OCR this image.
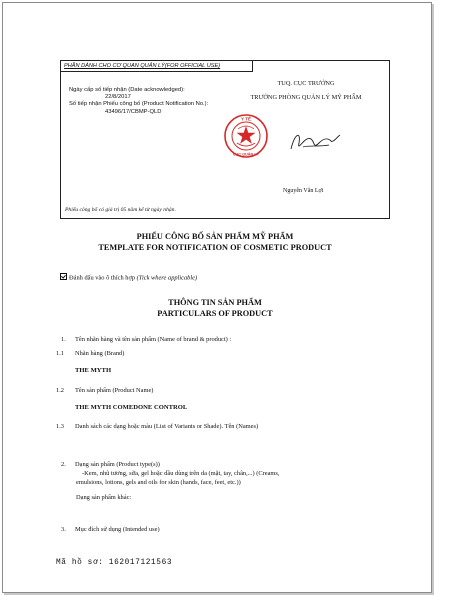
PHẦN DÀNH CHO CƠ QUAN QUẢN LÝ(FOR OFFICIAL USE)
Ngày cấp số tiếp nhận (Date acknowledged):
22/8/2017
Số tiếp nhận Phiếu công bố (Product Notification No.):
43496/17/CBMP-QLD
TUQ. CỤC TRƯỞNG
TRƯỞNG PHÒNG QUẢN LÝ MỸ PHẨM
Nguyễn Văn Lợi
Phiếu công bố có giá trị 05 năm kể từ ngày nhận.
Y TẾ
CỤC QUẢN LÝ
PHIẾU CÔNG BỐ SẢN PHẨM MỸ PHẨM
TEMPLATE FOR NOTIFICATION OF COSMETIC PRODUCT
Đánh dấu vào ô thích hợp (Tick where applicable)
THÔNG TIN SẢN PHẨM
PARTICULARS OF PRODUCT
1. Tên nhãn hàng và tên sản phẩm (Name of brand & product) :
1.1 Nhãn hàng (Brand)
THE MYTH
1.2 Tên sản phẩm (Product Name)
THE MYTH COMEDONE CONTROL
1.3 Danh sách các dạng hoặc màu (List of Variants or Shade). Tên (Names)
2. Dạng sản phẩm (Product type(s))
-Kem, nhũ tương, sữa, gel hoặc dầu dùng trên da (mặt, tay, chân,...) (Creams,
emulsions, lotions, gels and oils for skin (hands, face, feet, etc.))
Dạng sản phẩm khác:
3. Mục đích sử dụng (Intended use)
Mã hồ sơ: 162017121563
